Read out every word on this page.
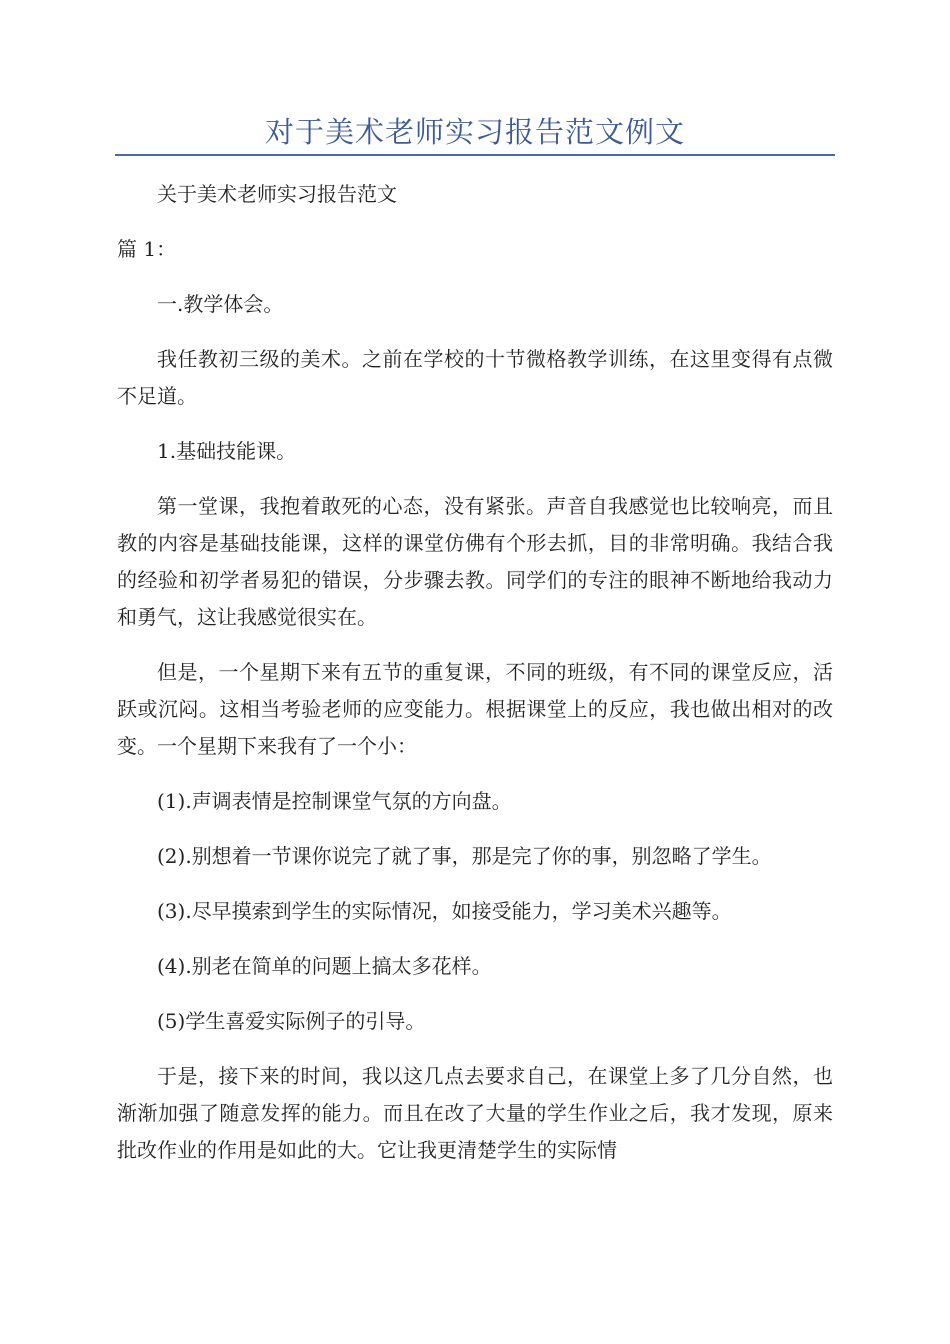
对于美术老师实习报告范文例文

关于美术老师实习报告范文

篇 1：

一.教学体会。

我任教初三级的美术。之前在学校的十节微格教学训练，在这里变得有点微不足道。

1.基础技能课。

第一堂课，我抱着敢死的心态，没有紧张。声音自我感觉也比较响亮，而且教的内容是基础技能课，这样的课堂仿佛有个形去抓，目的非常明确。我结合我的经验和初学者易犯的错误，分步骤去教。同学们的专注的眼神不断地给我动力和勇气，这让我感觉很实在。

但是，一个星期下来有五节的重复课，不同的班级，有不同的课堂反应，活跃或沉闷。这相当考验老师的应变能力。根据课堂上的反应，我也做出相对的改变。一个星期下来我有了一个小：

(1).声调表情是控制课堂气氛的方向盘。

(2).别想着一节课你说完了就了事，那是完了你的事，别忽略了学生。

(3).尽早摸索到学生的实际情况，如接受能力，学习美术兴趣等。

(4).别老在简单的问题上搞太多花样。

(5)学生喜爱实际例子的引导。

于是，接下来的时间，我以这几点去要求自己，在课堂上多了几分自然，也渐渐加强了随意发挥的能力。而且在改了大量的学生作业之后，我才发现，原来批改作业的作用是如此的大。它让我更清楚学生的实际情
